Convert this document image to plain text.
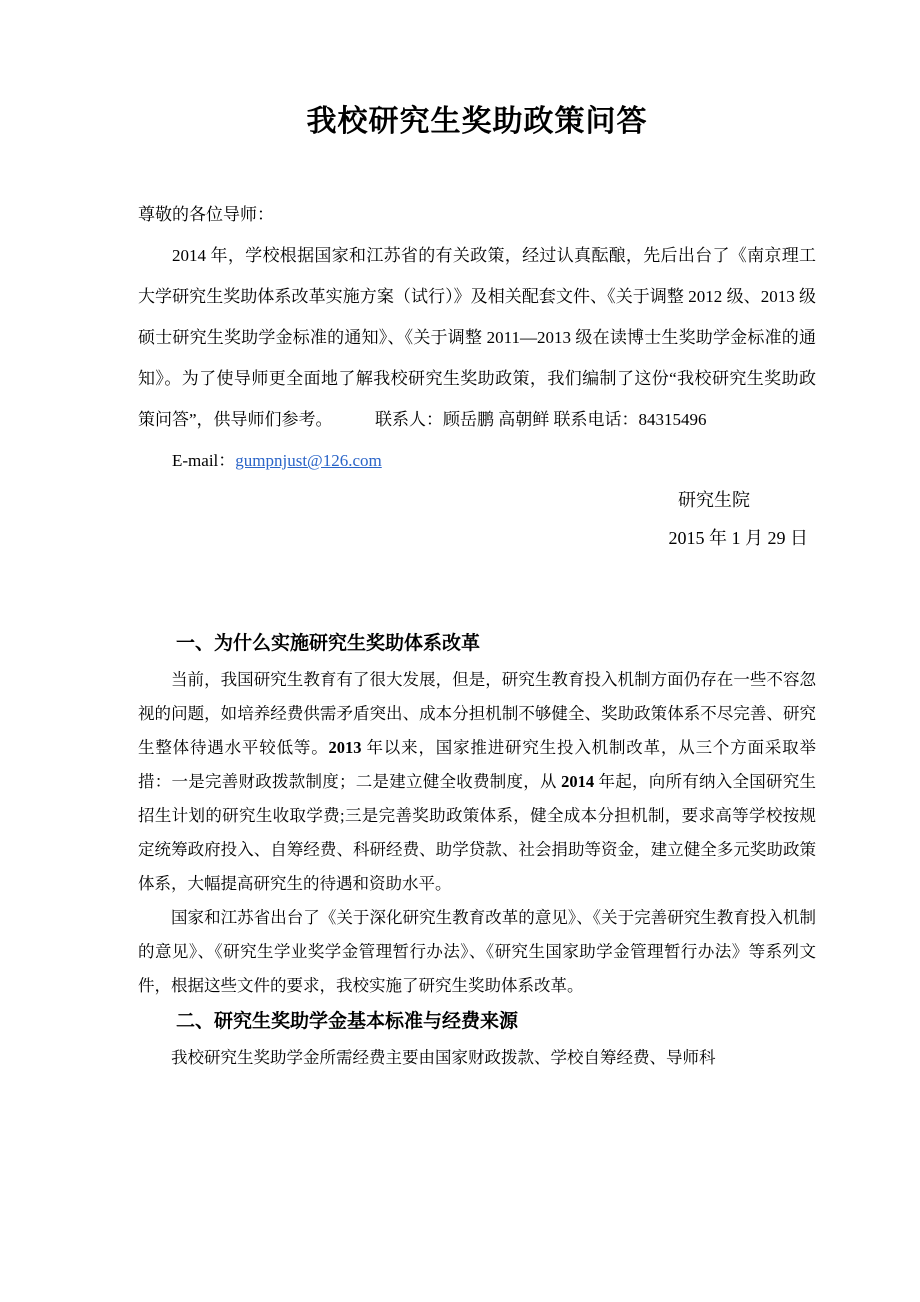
我校研究生奖助政策问答
尊敬的各位导师：
2014 年，学校根据国家和江苏省的有关政策，经过认真酝酿，先后出台了《南京理工大学研究生奖助体系改革实施方案（试行）》及相关配套文件、《关于调整 2012 级、2013 级硕士研究生奖助学金标准的通知》、《关于调整 2011—2013 级在读博士生奖助学金标准的通知》。为了使导师更全面地了解我校研究生奖助政策，我们编制了这份“我校研究生奖助政策问答”，供导师们参考。　　　联系人：顾岳鹏 高朝鲜 联系电话：84315496
E-mail：gumpnjust@126.com
研究生院
2015 年 1 月 29 日
一、为什么实施研究生奖助体系改革
当前，我国研究生教育有了很大发展，但是，研究生教育投入机制方面仍存在一些不容忽视的问题，如培养经费供需矛盾突出、成本分担机制不够健全、奖助政策体系不尽完善、研究生整体待遇水平较低等。2013 年以来，国家推进研究生投入机制改革，从三个方面采取举措：一是完善财政拨款制度；二是建立健全收费制度，从 2014 年起，向所有纳入全国研究生招生计划的研究生收取学费;三是完善奖助政策体系，健全成本分担机制，要求高等学校按规定统筹政府投入、自筹经费、科研经费、助学贷款、社会捐助等资金，建立健全多元奖助政策体系，大幅提高研究生的待遇和资助水平。
国家和江苏省出台了《关于深化研究生教育改革的意见》、《关于完善研究生教育投入机制的意见》、《研究生学业奖学金管理暂行办法》、《研究生国家助学金管理暂行办法》等系列文件，根据这些文件的要求，我校实施了研究生奖助体系改革。
二、研究生奖助学金基本标准与经费来源
我校研究生奖助学金所需经费主要由国家财政拨款、学校自筹经费、导师科
